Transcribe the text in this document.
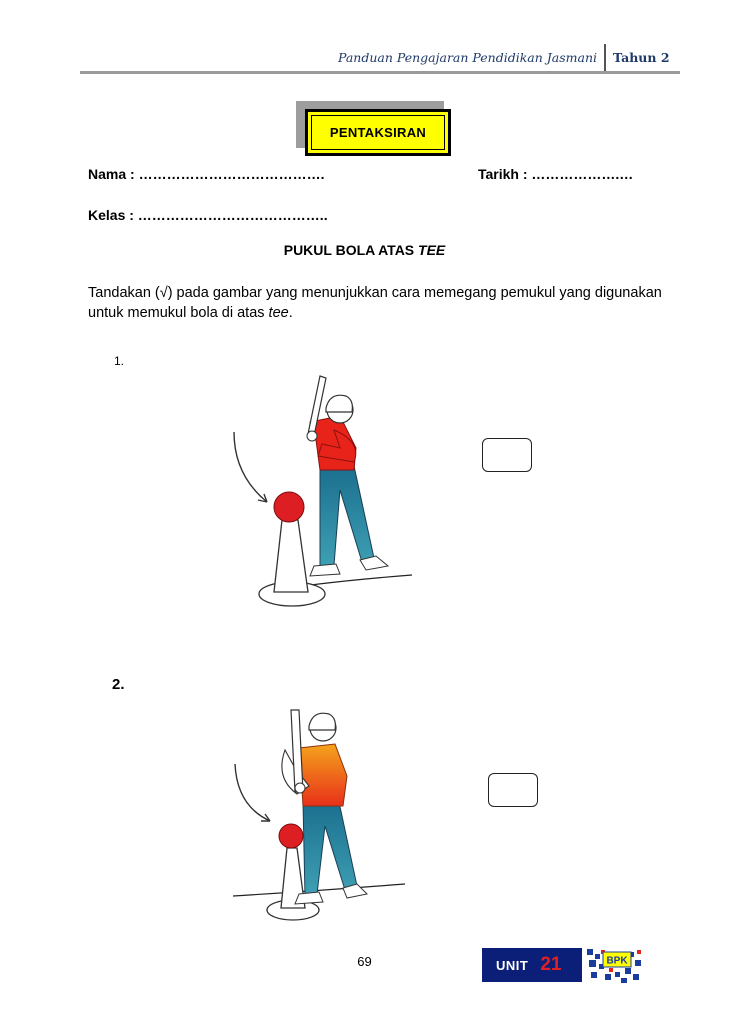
Panduan Pengajaran Pendidikan Jasmani Tahun 2
PENTAKSIRAN
Nama : ………………………………….	Tarikh : ……………….…
Kelas : …………………………………..
PUKUL BOLA ATAS TEE
Tandakan (√) pada gambar yang menunjukkan cara memegang pemukul yang digunakan untuk memukul bola di atas tee.
1.
2.
69	UNIT 21	BPK
